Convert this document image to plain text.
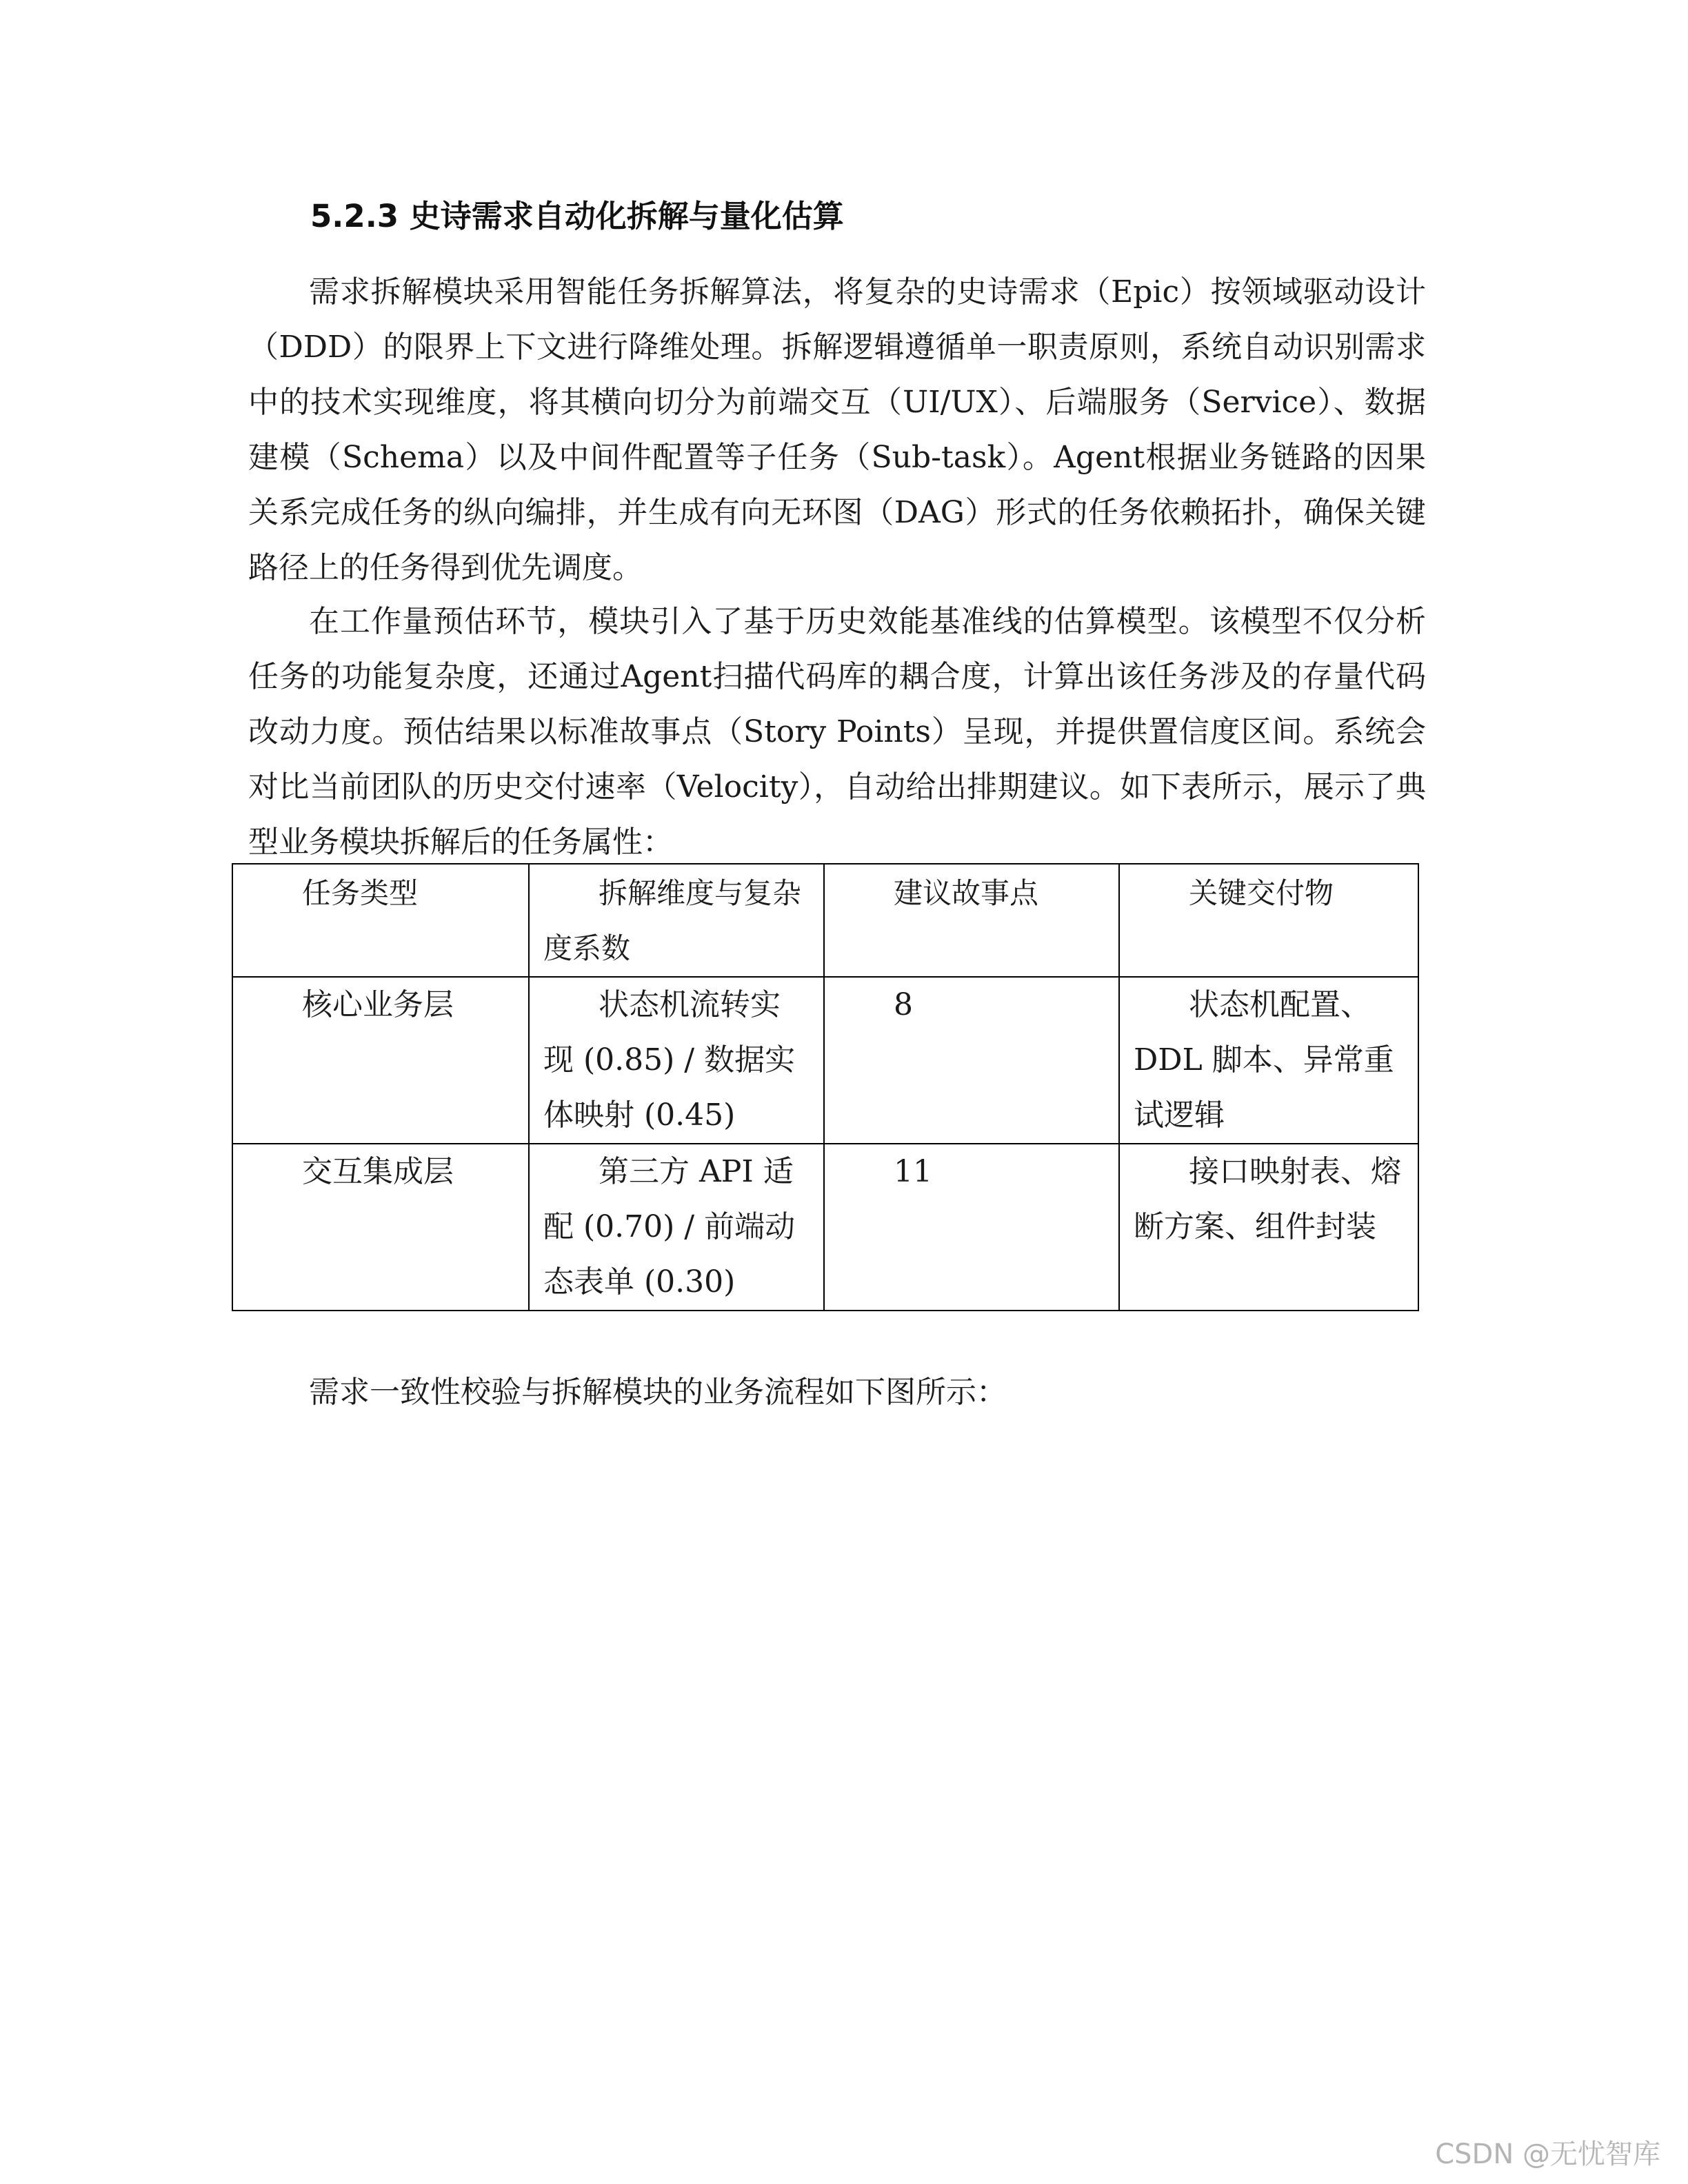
5.2.3 史诗需求自动化拆解与量化估算

需求拆解模块采用智能任务拆解算法，将复杂的史诗需求（Epic）按领域驱动设计（DDD）的限界上下文进行降维处理。拆解逻辑遵循单一职责原则，系统自动识别需求中的技术实现维度，将其横向切分为前端交互（UI/UX）、后端服务（Service）、数据建模（Schema）以及中间件配置等子任务（Sub-task）。Agent根据业务链路的因果关系完成任务的纵向编排，并生成有向无环图（DAG）形式的任务依赖拓扑，确保关键路径上的任务得到优先调度。

在工作量预估环节，模块引入了基于历史效能基准线的估算模型。该模型不仅分析任务的功能复杂度，还通过Agent扫描代码库的耦合度，计算出该任务涉及的存量代码改动力度。预估结果以标准故事点（Story Points）呈现，并提供置信度区间。系统会对比当前团队的历史交付速率（Velocity），自动给出排期建议。如下表所示，展示了典型业务模块拆解后的任务属性：

任务类型	拆解维度与复杂度系数	建议故事点	关键交付物
核心业务层	状态机流转实现 (0.85) / 数据实体映射 (0.45)	8	状态机配置、DDL 脚本、异常重试逻辑
交互集成层	第三方 API 适配 (0.70) / 前端动态表单 (0.30)	11	接口映射表、熔断方案、组件封装

需求一致性校验与拆解模块的业务流程如下图所示：

CSDN @无忧智库
